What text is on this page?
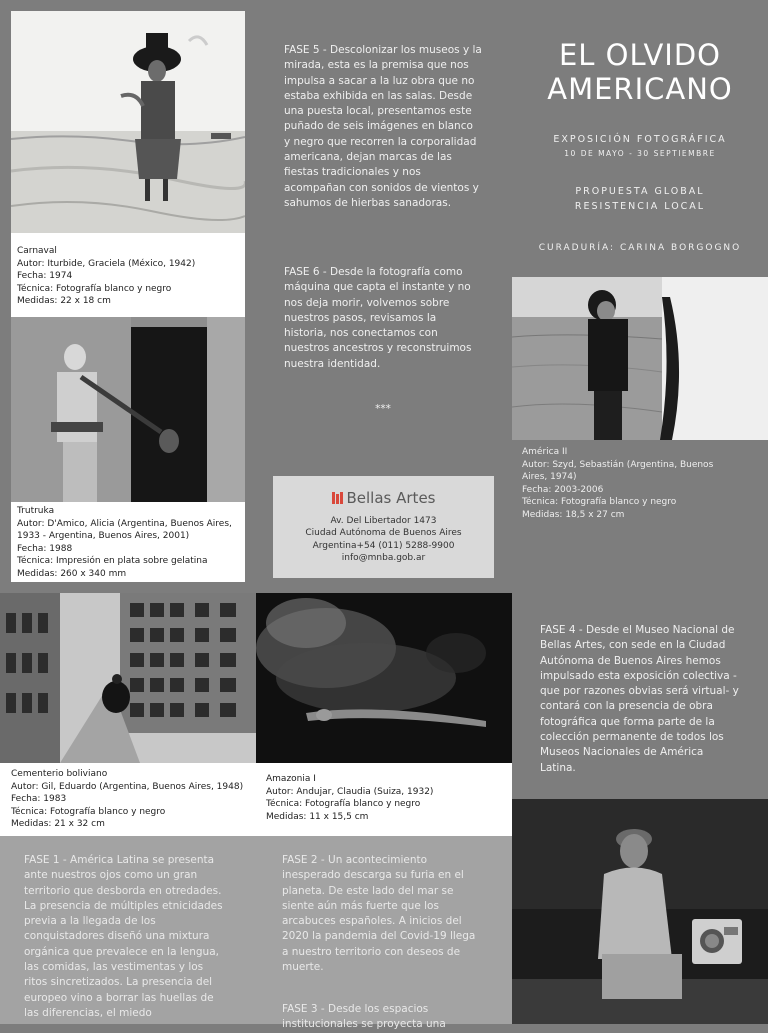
Carnaval
Autor: Iturbide, Graciela (México, 1942)
Fecha: 1974
Técnica: Fotografía blanco y negro
Medidas: 22 x 18 cm
Trutruka
Autor: D'Amico, Alicia (Argentina, Buenos Aires, 1933 - Argentina, Buenos Aires, 2001)
Fecha: 1988
Técnica: Impresión en plata sobre gelatina
Medidas: 260 x 340 mm
FASE 5 - Descolonizar los museos y la mirada, esta es la premisa que nos impulsa a sacar a la luz obra que no estaba exhibida en las salas. Desde una puesta local, presentamos este puñado de seis imágenes en blanco y negro que recorren la corporalidad americana, dejan marcas de las fiestas tradicionales y nos acompañan con sonidos de vientos y sahumos de hierbas sanadoras.
FASE 6 - Desde la fotografía como máquina que capta el instante y no nos deja morir, volvemos sobre nuestros pasos, revisamos la historia, nos conectamos con nuestros ancestros y reconstruimos nuestra identidad.
***
Bellas Artes
Av. Del Libertador 1473
Ciudad Autónoma de Buenos Aires
Argentina+54 (011) 5288-9900
info@mnba.gob.ar
EL OLVIDO
AMERICANO
EXPOSICIÓN FOTOGRÁFICA
10 DE MAYO - 30 SEPTIEMBRE
PROPUESTA GLOBAL
RESISTENCIA LOCAL
CURADURÍA: CARINA BORGOGNO
América II
Autor: Szyd, Sebastián (Argentina, Buenos Aires, 1974)
Fecha: 2003-2006
Técnica: Fotografía blanco y negro
Medidas: 18,5 x 27 cm
Cementerio boliviano
Autor: Gil, Eduardo (Argentina, Buenos Aires, 1948)
Fecha: 1983
Técnica: Fotografía blanco y negro
Medidas: 21 x 32 cm
Amazonia I
Autor: Andujar, Claudia (Suiza, 1932)
Técnica: Fotografía blanco y negro
Medidas: 11 x 15,5 cm
FASE 4 - Desde el Museo Nacional de Bellas Artes, con sede en la Ciudad Autónoma de Buenos Aires hemos impulsado esta exposición colectiva -que por razones obvias será virtual- y contará con la presencia de obra fotográfica que forma parte de la colección permanente de todos los Museos Nacionales de América Latina.
FASE 1 - América Latina se presenta ante nuestros ojos como un gran territorio que desborda en otredades. La presencia de múltiples etnicidades previa a la llegada de los conquistadores diseñó una mixtura orgánica que prevalece en la lengua, las comidas, las vestimentas y los ritos sincretizados. La presencia del europeo vino a borrar las huellas de las diferencias, el miedo
FASE 2 - Un acontecimiento inesperado descarga su furia en el planeta. De este lado del mar se siente aún más fuerte que los arcabuces españoles. A inicios del 2020 la pandemia del Covid-19 llega a nuestro territorio con deseos de muerte.
FASE 3 - Desde los espacios institucionales se proyecta una
